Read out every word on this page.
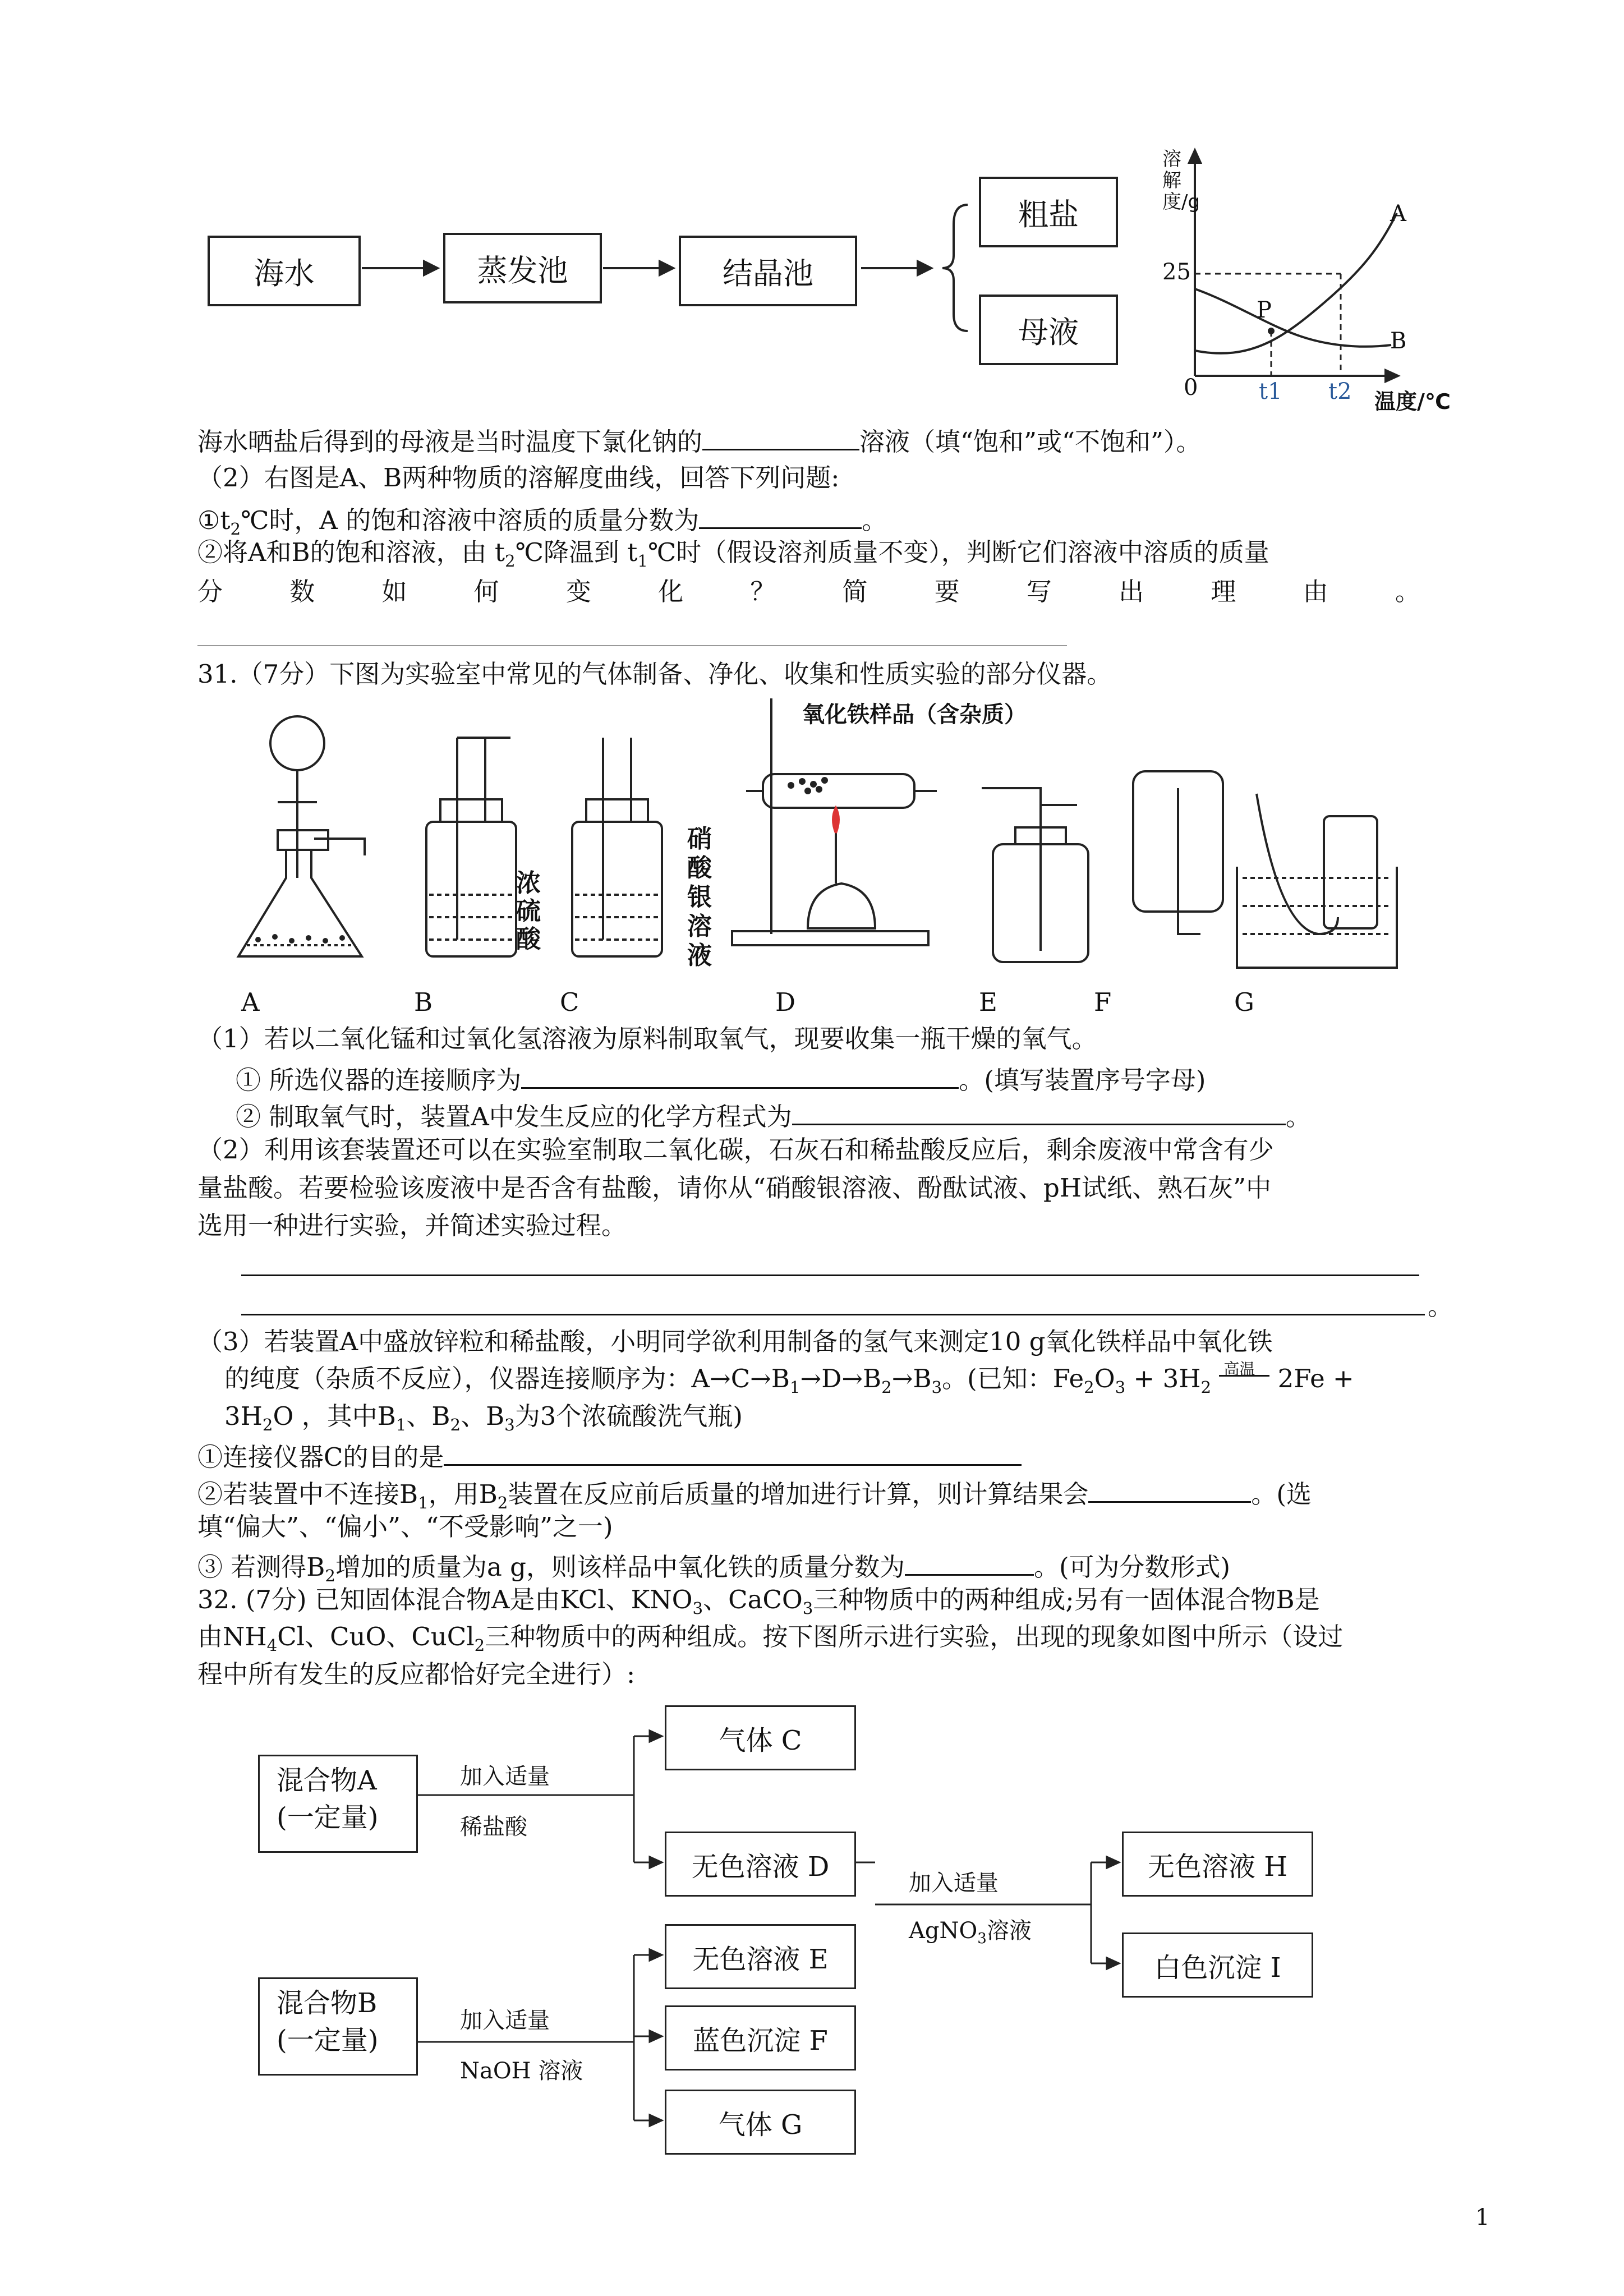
海水	蒸发池	结晶池
粗盐
母液
溶解度/g
25
0	t1 t2 温度/℃
A
B
P
海水晒盐后得到的母液是当时温度下氯化钠的	溶液（填“饱和”或“不饱和”）。
（2）右图是A、B两种物质的溶解度曲线，回答下列问题:
$①t_2℃$时，A 的饱和溶液中溶质的质量分数为	。
②将A和B的饱和溶液，由 $t_2℃$降温到 $t_1℃$时（假设溶剂质量不变），判断它们溶液中溶质的质量
分	数	如	何	变	化	？	简	要	写	出	理	由	。
31.（7分）下图为实验室中常见的气体制备、净化、收集和性质实验的部分仪器。
氧化铁样品（含杂质）
浓硫酸
硝酸银溶液
A	B	C	D	E	F	G
（1）若以二氧化锰和过氧化氢溶液为原料制取氧气，现要收集一瓶干燥的氧气。
① 所选仪器的连接顺序为	。(填写装置序号字母)
② 制取氧气时，装置A中发生反应的化学方程式为	。
（2）利用该套装置还可以在实验室制取二氧化碳，石灰石和稀盐酸反应后，剩余废液中常含有少
量盐酸。若要检验该废液中是否含有盐酸，请你从“硝酸银溶液、酚酞试液、pH试纸、熟石灰”中
选用一种进行实验，并简述实验过程。
。
（3）若装置A中盛放锌粒和稀盐酸，小明同学欲利用制备的氢气来测定10 g氧化铁样品中氧化铁
的纯度（杂质不反应），仪器连接顺序为：$A\to C\to B_1\to D\to B_2\to B_3$。(已知：$Fe_2O_3 + 3H_2$
高温 2Fe +
$3H_2O$ ，其中$B_1$、$B_2$、$B_3$为3个浓硫酸洗气瓶)
①连接仪器C的目的是
②若装置中不连接$B_1$，用$B_2$装置在反应前后质量的增加进行计算，则计算结果会	。(选
填“偏大”、“偏小”、“不受影响”之一)
③ 若测得$B_2$增加的质量为a g，则该样品中氧化铁的质量分数为	。(可为分数形式)
32. (7分) 已知固体混合物A是由KCl、$KNO_3$、CaCO$_3$三种物质中的两种组成;另有一固体混合物B是
由$NH_4Cl$、CuO、CuCl$_2$三种物质中的两种组成。按下图所示进行实验，出现的现象如图中所示（设过
程中所有发生的反应都恰好完全进行）:
混合物A
(一定量)
混合物B
(一定量)
加入适量
稀盐酸
加入适量
AgNO$_3$溶液
加入适量
NaOH 溶液
气体 C
无色溶液 D	无色溶液 H
白色沉淀 I
无色溶液 E
蓝色沉淀 F
气体 G
1
